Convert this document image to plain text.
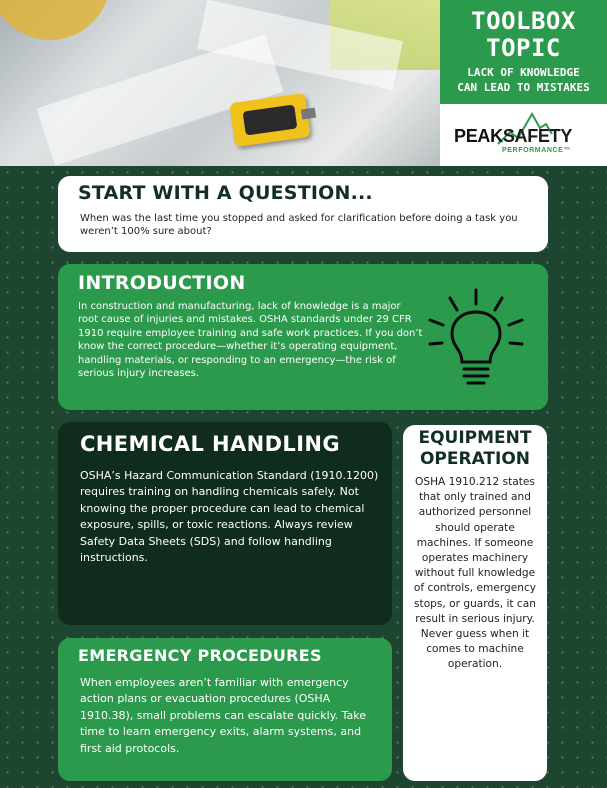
TOOLBOX
TOPIC
LACK OF KNOWLEDGE
CAN LEAD TO MISTAKES
PEAKSAFETY
PERFORMANCE™
START WITH A QUESTION...

When was the last time you stopped and asked for clarification before doing a task you weren’t 100% sure about?

INTRODUCTION

In construction and manufacturing, lack of knowledge is a major root cause of injuries and mistakes. OSHA standards under 29 CFR 1910 require employee training and safe work practices. If you don’t know the correct procedure—whether it’s operating equipment, handling materials, or responding to an emergency—the risk of serious injury increases.

CHEMICAL HANDLING

OSHA’s Hazard Communication Standard (1910.1200) requires training on handling chemicals safely. Not knowing the proper procedure can lead to chemical exposure, spills, or toxic reactions. Always review Safety Data Sheets (SDS) and follow handling instructions.

EMERGENCY PROCEDURES

When employees aren’t familiar with emergency action plans or evacuation procedures (OSHA 1910.38), small problems can escalate quickly. Take time to learn emergency exits, alarm systems, and first aid protocols.

EQUIPMENT
OPERATION

OSHA 1910.212 states that only trained and authorized personnel should operate machines. If someone operates machinery without full knowledge of controls, emergency stops, or guards, it can result in serious injury. Never guess when it comes to machine operation.
